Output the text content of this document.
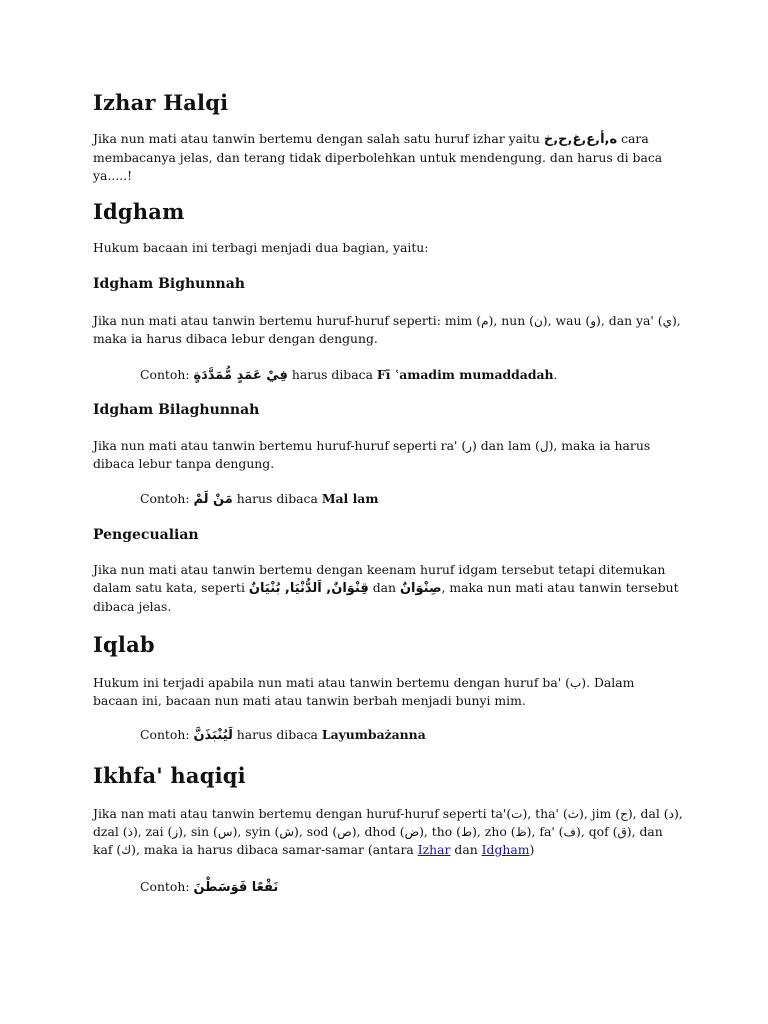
Izhar Halqi

Jika nun mati atau tanwin bertemu dengan salah satu huruf izhar yaitu ه,أ,ع,غ,ح,خ cara membacanya jelas, dan terang tidak diperbolehkan untuk mendengung. dan harus di baca ya.....!

Idgham

Hukum bacaan ini terbagi menjadi dua bagian, yaitu:

Idgham Bighunnah

Jika nun mati atau tanwin bertemu huruf-huruf seperti: mim (م), nun (ن), wau (و), dan ya' (ي), maka ia harus dibaca lebur dengan dengung.

Contoh: فِيْ عَمَدٍ مُّمَدَّدَةٍ harus dibaca Fī ʿamadim mumaddadah.

Idgham Bilaghunnah

Jika nun mati atau tanwin bertemu huruf-huruf seperti ra' (ر) dan lam (ل), maka ia harus dibaca lebur tanpa dengung.

Contoh: مَنْ لَمْ harus dibaca Mal lam

Pengecualian

Jika nun mati atau tanwin bertemu dengan keenam huruf idgam tersebut tetapi ditemukan dalam satu kata, seperti قِنْوَانٌ, اَلدُّنْيَا, بُنْيَانٌ dan صِنْوَانٌ, maka nun mati atau tanwin tersebut dibaca jelas.

Iqlab

Hukum ini terjadi apabila nun mati atau tanwin bertemu dengan huruf ba' (ب). Dalam bacaan ini, bacaan nun mati atau tanwin berbah menjadi bunyi mim.

Contoh: لَيُنْبَذَنَّ harus dibaca Layumbażanna

Ikhfa' haqiqi

Jika nan mati atau tanwin bertemu dengan huruf-huruf seperti ta'(ت), tha' (ث), jim (ج), dal (د), dzal (ذ), zai (ز), sin (س), syin (ش), sod (ص), dhod (ض), tho (ط), zho (ظ), fa' (ف), qof (ق), dan kaf (ك), maka ia harus dibaca samar-samar (antara Izhar dan Idgham)

Contoh: نَقْعًا فَوَسَطْنَ
